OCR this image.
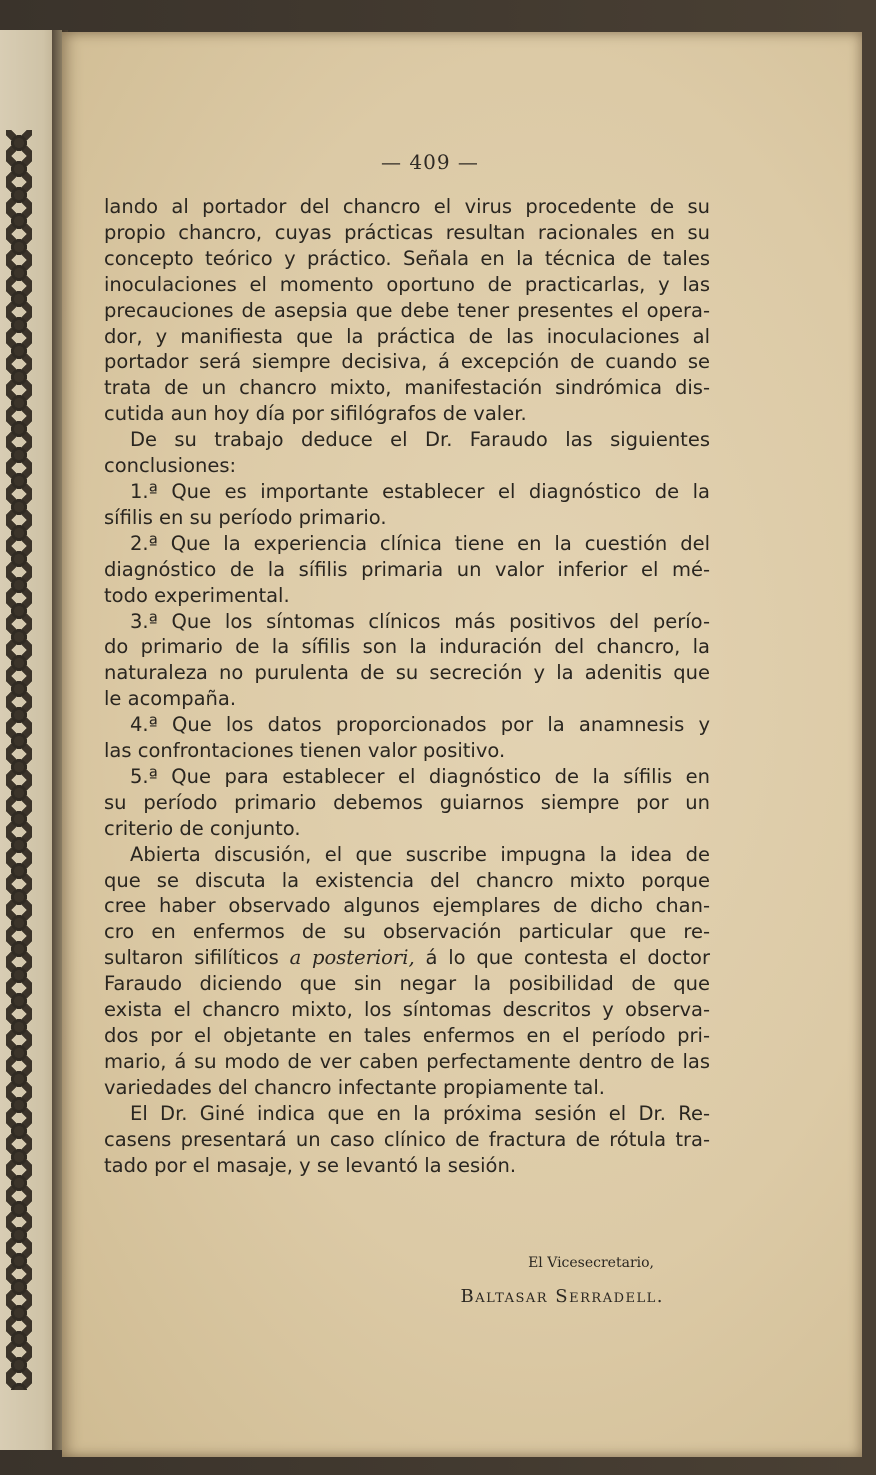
— 409 —

lando al portador del chancro el virus procedente de su

propio chancro, cuyas prácticas resultan racionales en su

concepto teórico y práctico. Señala en la técnica de tales

inoculaciones el momento oportuno de practicarlas, y las

precauciones de asepsia que debe tener presentes el opera-

dor, y manifiesta que la práctica de las inoculaciones al

portador será siempre decisiva, á excepción de cuando se

trata de un chancro mixto, manifestación sindrómica dis-

cutida aun hoy día por sifilógrafos de valer.

De su trabajo deduce el Dr. Faraudo las siguientes

conclusiones:

1.ª Que es importante establecer el diagnóstico de la

sífilis en su período primario.

2.ª Que la experiencia clínica tiene en la cuestión del

diagnóstico de la sífilis primaria un valor inferior el mé-

todo experimental.

3.ª Que los síntomas clínicos más positivos del perío-

do primario de la sífilis son la induración del chancro, la

naturaleza no purulenta de su secreción y la adenitis que

le acompaña.

4.ª Que los datos proporcionados por la anamnesis y

las confrontaciones tienen valor positivo.

5.ª Que para establecer el diagnóstico de la sífilis en

su período primario debemos guiarnos siempre por un

criterio de conjunto.

Abierta discusión, el que suscribe impugna la idea de

que se discuta la existencia del chancro mixto porque

cree haber observado algunos ejemplares de dicho chan-

cro en enfermos de su observación particular que re-

sultaron sifilíticos a posteriori, á lo que contesta el doctor

Faraudo diciendo que sin negar la posibilidad de que

exista el chancro mixto, los síntomas descritos y observa-

dos por el objetante en tales enfermos en el período pri-

mario, á su modo de ver caben perfectamente dentro de las

variedades del chancro infectante propiamente tal.

El Dr. Giné indica que en la próxima sesión el Dr. Re-

casens presentará un caso clínico de fractura de rótula tra-

tado por el masaje, y se levantó la sesión.

El Vicesecretario,
Baltasar Serradell.
